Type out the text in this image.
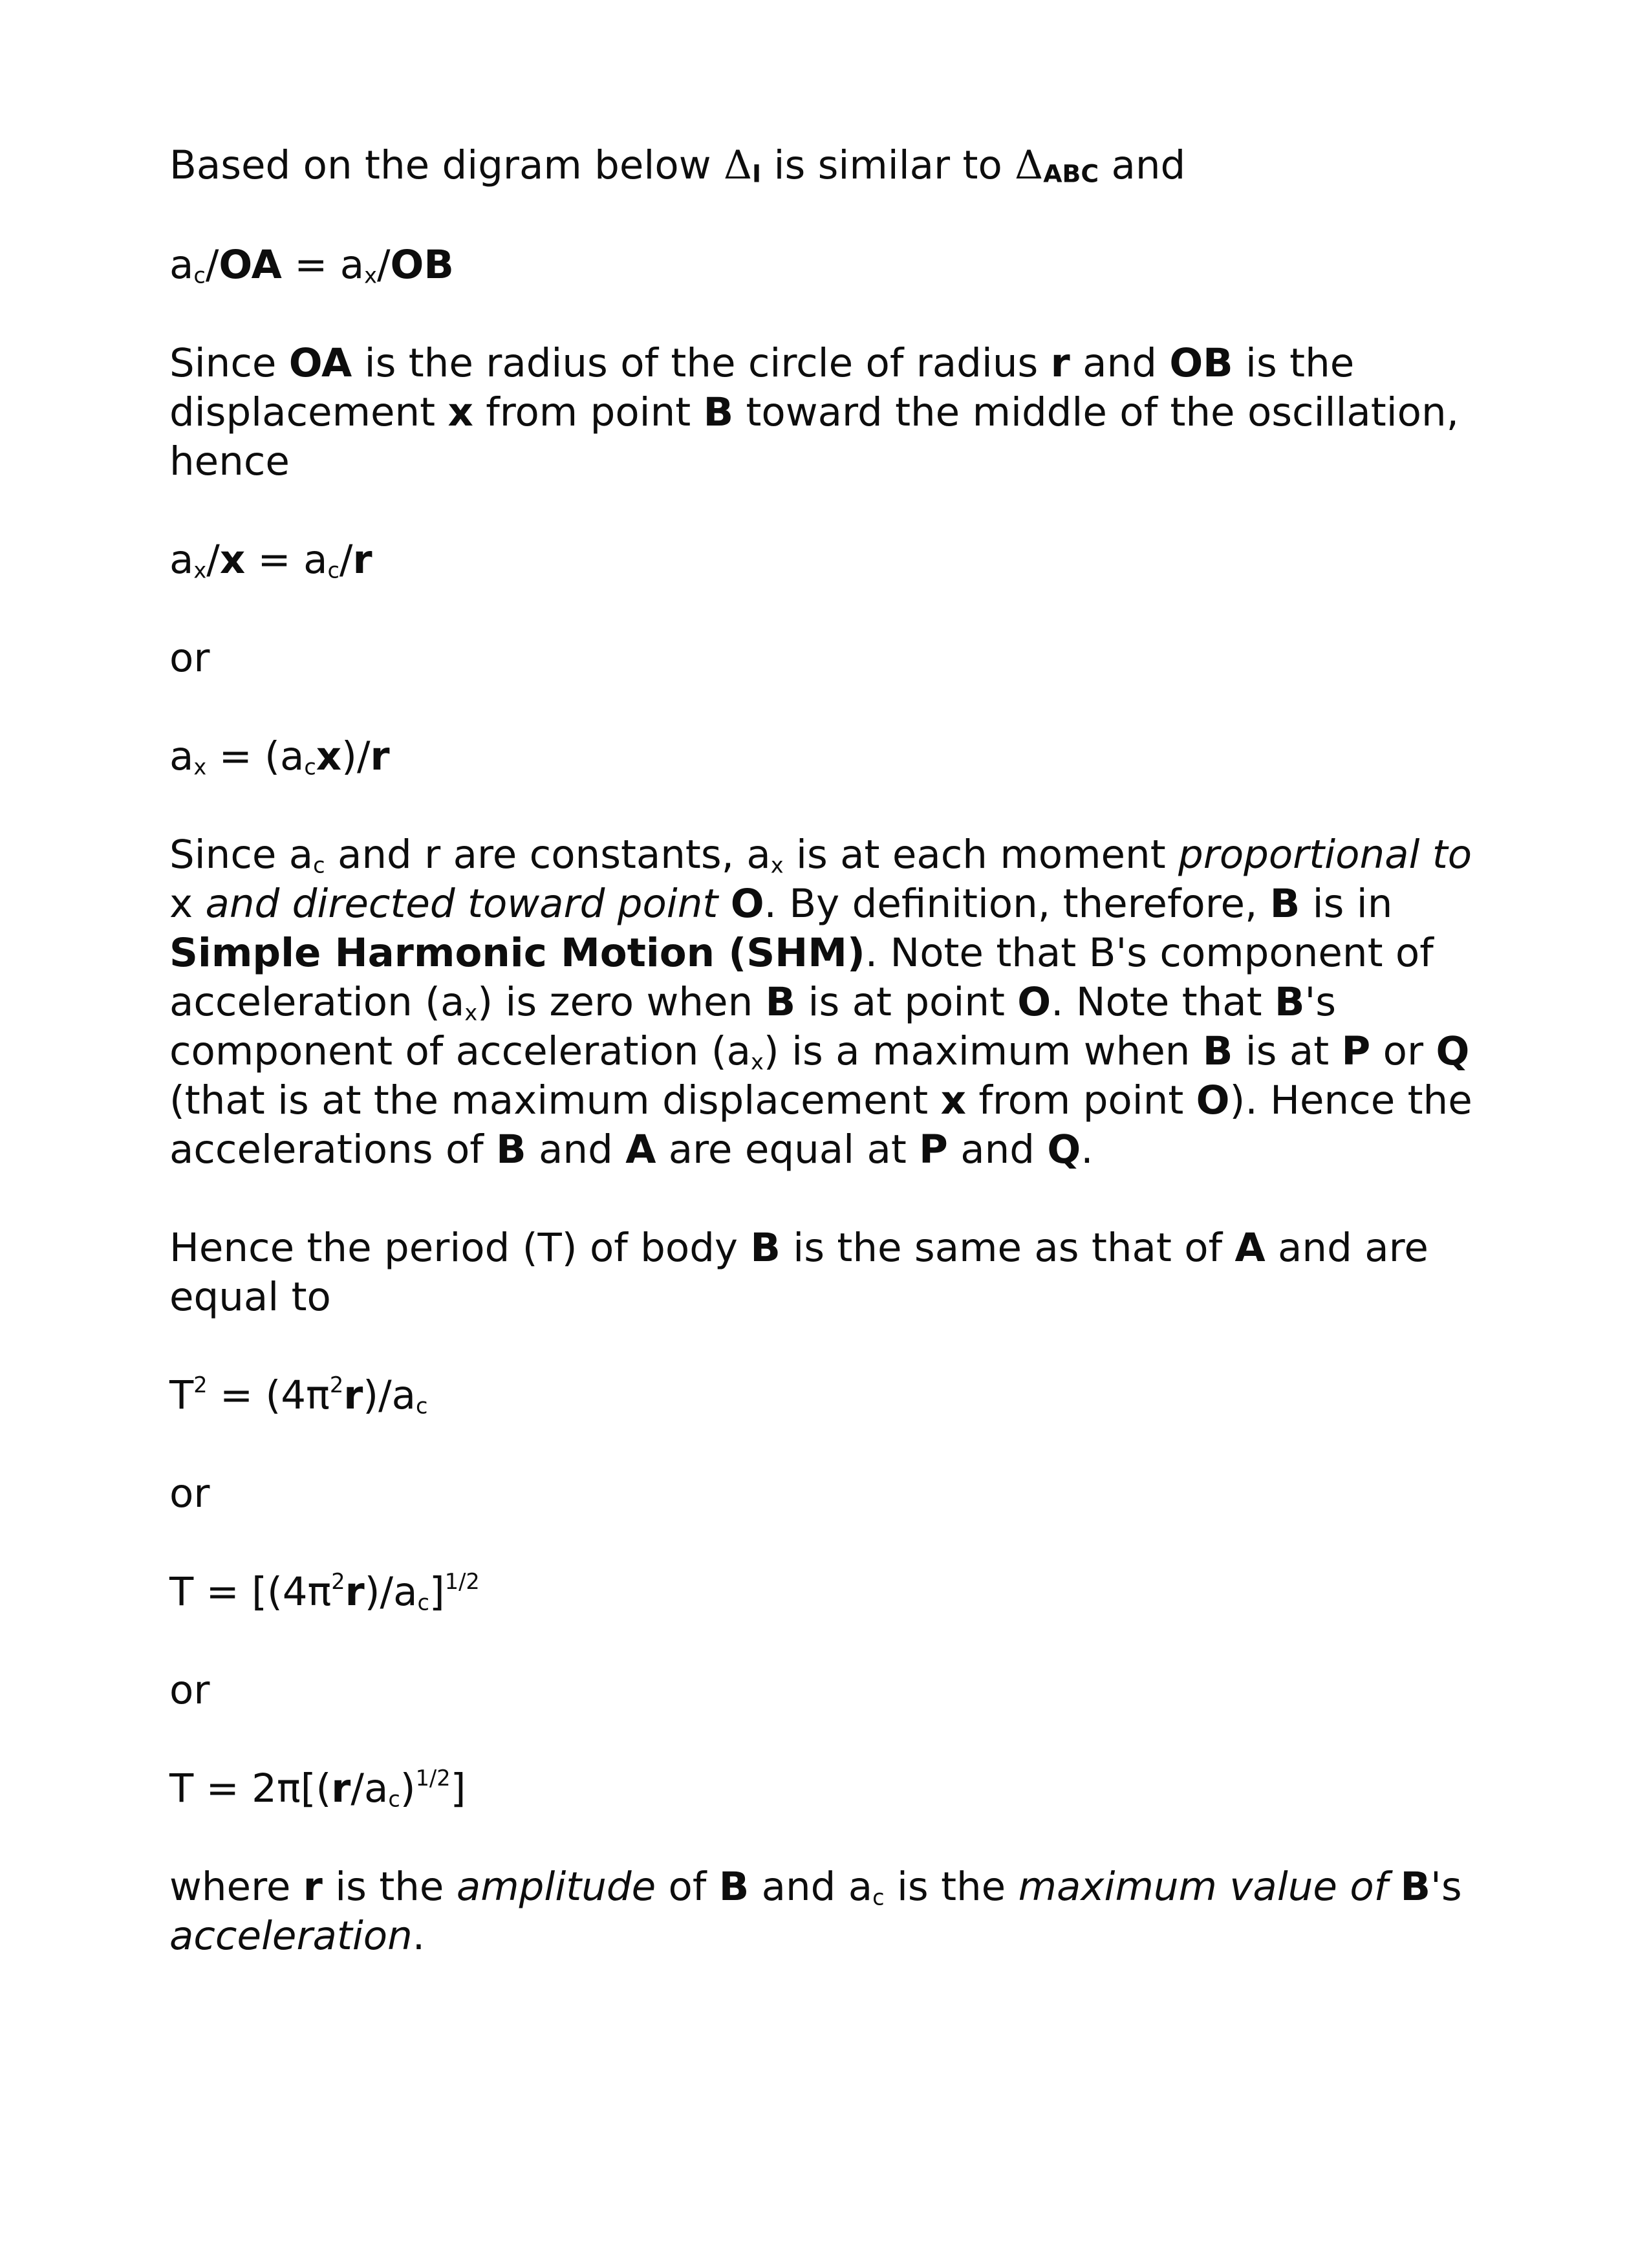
Based on the digram below ΔI is similar to ΔABC and

$a_c/OA = a_x/OB$

Since OA is the radius of the circle of radius r and OB is the displacement x from point B toward the middle of the oscillation, hence

$a_x/x = a_c/r$

or

$a_x = (a_cx)/r$

Since $a_c$ and r are constants, $a_x$ is at each moment proportional to x and directed toward point O. By definition, therefore, B is in Simple Harmonic Motion (SHM). Note that B's component of acceleration $(a_x)$ is zero when B is at point O. Note that B's component of acceleration $(a_x)$ is a maximum when B is at P or Q (that is at the maximum displacement x from point O). Hence the accelerations of B and A are equal at P and Q.

Hence the period (T) of body B is the same as that of A and are equal to

$T^2 = (4\pi^2r)/a_c$

or

$T = [(4\pi^2r)/a_c]^{1/2}$

or

$T = 2\pi[(r/a_c)^{1/2}]$

where r is the amplitude of B and $a_c$ is the maximum value of B's acceleration.
